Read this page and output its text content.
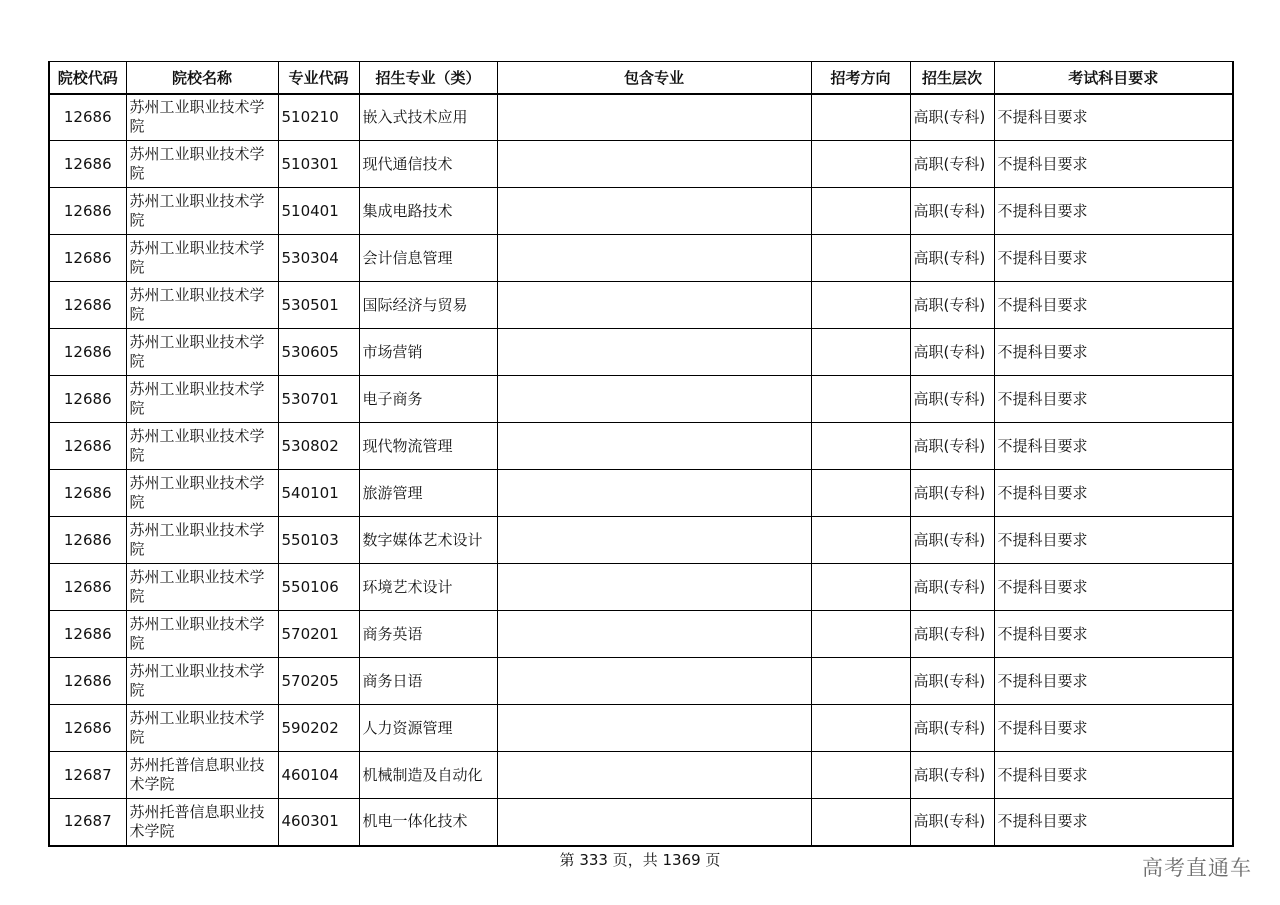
院校代码	院校名称	专业代码	招生专业（类）	包含专业	招考方向	招生层次	考试科目要求
12686	苏州工业职业技术学院	510210	嵌入式技术应用			高职(专科)	不提科目要求
12686	苏州工业职业技术学院	510301	现代通信技术			高职(专科)	不提科目要求
12686	苏州工业职业技术学院	510401	集成电路技术			高职(专科)	不提科目要求
12686	苏州工业职业技术学院	530304	会计信息管理			高职(专科)	不提科目要求
12686	苏州工业职业技术学院	530501	国际经济与贸易			高职(专科)	不提科目要求
12686	苏州工业职业技术学院	530605	市场营销			高职(专科)	不提科目要求
12686	苏州工业职业技术学院	530701	电子商务			高职(专科)	不提科目要求
12686	苏州工业职业技术学院	530802	现代物流管理			高职(专科)	不提科目要求
12686	苏州工业职业技术学院	540101	旅游管理			高职(专科)	不提科目要求
12686	苏州工业职业技术学院	550103	数字媒体艺术设计			高职(专科)	不提科目要求
12686	苏州工业职业技术学院	550106	环境艺术设计			高职(专科)	不提科目要求
12686	苏州工业职业技术学院	570201	商务英语			高职(专科)	不提科目要求
12686	苏州工业职业技术学院	570205	商务日语			高职(专科)	不提科目要求
12686	苏州工业职业技术学院	590202	人力资源管理			高职(专科)	不提科目要求
12687	苏州托普信息职业技术学院	460104	机械制造及自动化			高职(专科)	不提科目要求
12687	苏州托普信息职业技术学院	460301	机电一体化技术			高职(专科)	不提科目要求
第 333 页，共 1369 页	高考直通车
